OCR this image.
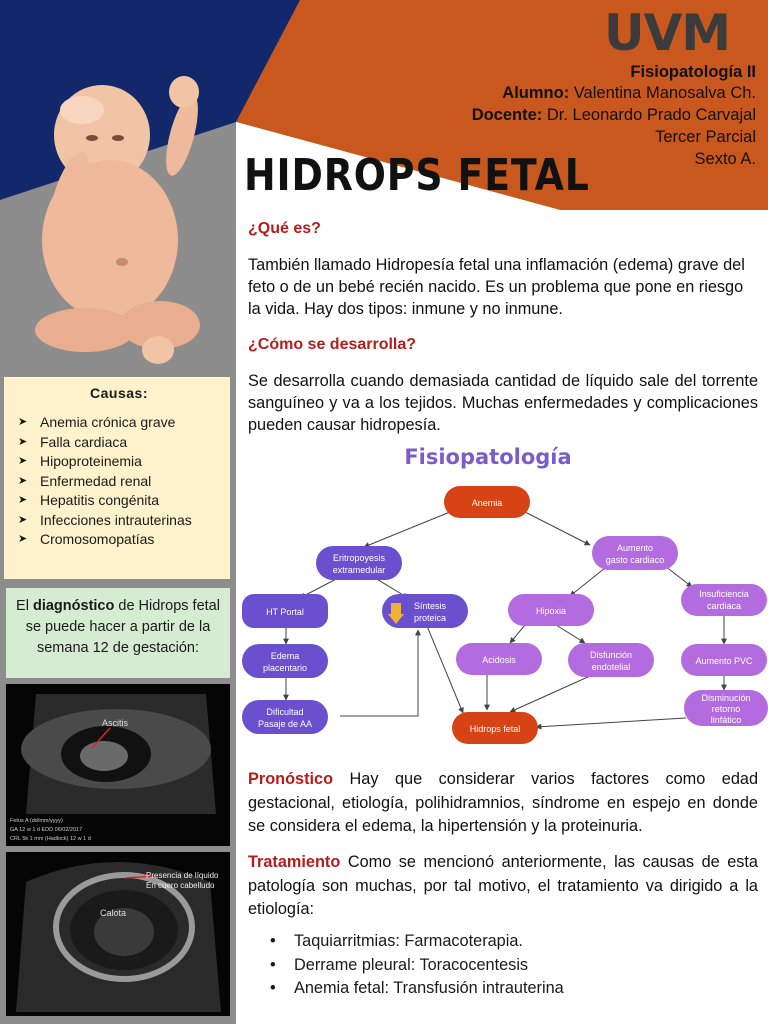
UVM
Fisiopatología II
Alumno: Valentina Manosalva Ch.
Docente: Dr. Leonardo Prado Carvajal
Tercer Parcial
Sexto A.
HIDROPS FETAL
¿Qué es?
También llamado Hidropesía fetal una inflamación (edema) grave del feto o de un bebé recién nacido. Es un problema que pone en riesgo la vida. Hay dos tipos: inmune y no inmune.
¿Cómo se desarrolla?
Se desarrolla cuando demasiada cantidad de líquido sale del torrente sanguíneo y va a los tejidos. Muchas enfermedades y complicaciones pueden causar hidropesía.
Causas:
➤ Anemia crónica grave
➤ Falla cardiaca
➤ Hipoproteinemia
➤ Enfermedad renal
➤ Hepatitis congénita
➤ Infecciones intrauterinas
➤ Cromosomopatías
El diagnóstico de Hidrops fetal se puede hacer a partir de la semana 12 de gestación:
Ascitis
Fetus A (dd/mm/yyyy)
GA 12 w 1 d EDD 06/02/2017
CRL 5k 1 mm (Hadlock) 12 w 1 d
Calota
Presencia de líquido
En cuero cabelludo
Fisiopatología
Anemia
Eritropoyesis
extramedular
Aumento
gasto cardiaco
HT Portal
Síntesis
proteica
Hipoxia
Insuficiencia
cardiaca
Edema
placentario
Acidosis	Disfunción
endotelial
Aumento PVC
Dificultad
Pasaje de AA	Hidrops fetal
Disminución
retorno
linfático
Pronóstico Hay que considerar varios factores como edad gestacional, etiología, polihidramnios, síndrome en espejo en donde se considera el edema, la hipertensión y la proteinuria.
Tratamiento Como se mencionó anteriormente, las causas de esta patología son muchas, por tal motivo, el tratamiento va dirigido a la etiología:
• Taquiarritmias: Farmacoterapia.
• Derrame pleural: Toracocentesis
• Anemia fetal: Transfusión intrauterina
